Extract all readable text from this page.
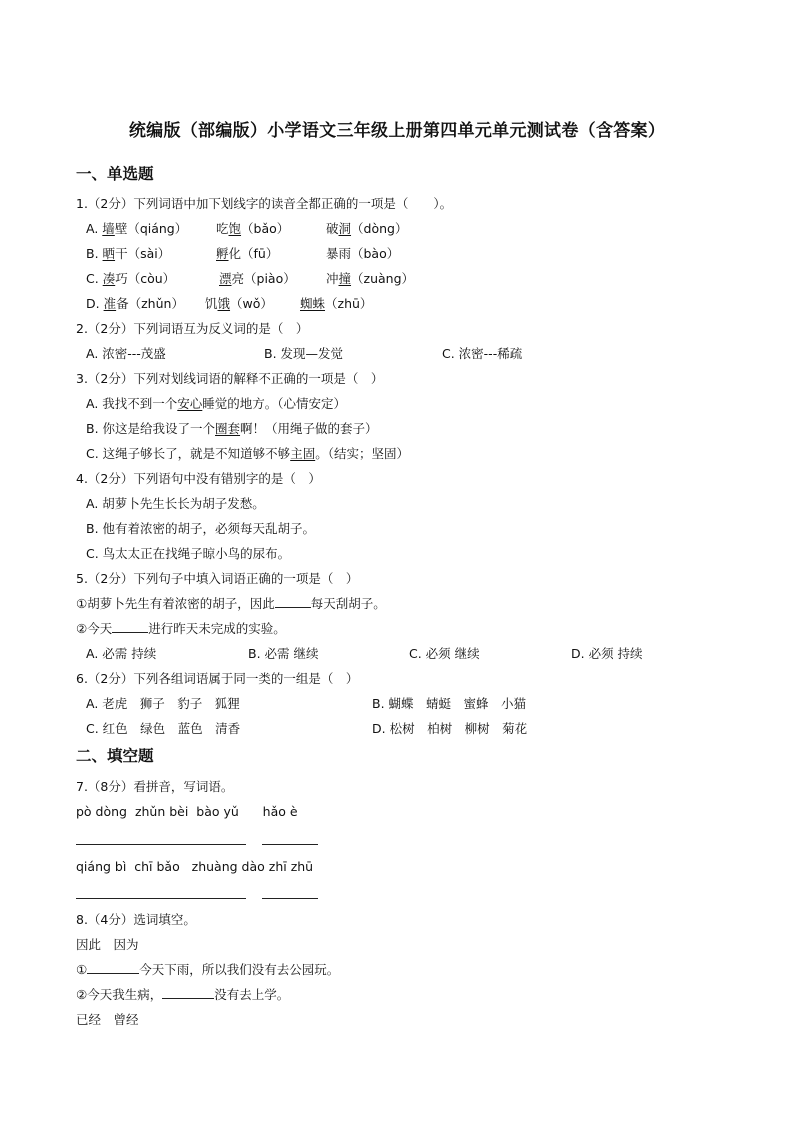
统编版（部编版）小学语文三年级上册第四单元单元测试卷（含答案）
一、单选题
1.（2分）下列词语中加下划线字的读音全都正确的一项是（　　）。
A. 墙壁（qiáng） 吃饱（bǎo）	破洞（dòng）
B. 晒干（sài）	孵化（fū）	暴雨（bào）
C. 凑巧（còu）	漂亮（piào） 冲撞（zuàng）
D. 准备（zhǔn） 饥饿（wǒ） 蜘蛛（zhū）
2.（2分）下列词语互为反义词的是（　）
A. 浓密---茂盛	B. 发现—发觉	C. 浓密---稀疏
3.（2分）下列对划线词语的解释不正确的一项是（　）
A. 我找不到一个安心睡觉的地方。（心情安定）
B. 你这是给我设了一个圈套啊！（用绳子做的套子）
C. 这绳子够长了，就是不知道够不够主固。（结实；坚固）
4.（2分）下列语句中没有错别字的是（　）
A. 胡萝卜先生长长为胡子发愁。
B. 他有着浓密的胡子，必须每天乱胡子。
C. 鸟太太正在找绳子晾小鸟的尿布。
5.（2分）下列句子中填入词语正确的一项是（　）
①胡萝卜先生有着浓密的胡子，因此	每天刮胡子。
②今天	进行昨天未完成的实验。
A. 必需 持续	B. 必需 继续	C. 必须 继续	D. 必须 持续
6.（2分）下列各组词语属于同一类的一组是（　）
A. 老虎　狮子　豹子　狐狸	B. 蝴蝶　蜻蜓　蜜蜂　小猫
C. 红色　绿色　蓝色　清香	D. 松树　柏树　柳树　菊花
二、填空题
7.（8分）看拼音，写词语。
pò dòng  zhǔn bèi  bào yǔ      hǎo è
qiáng bì  chī bǎo   zhuàng dào zhī zhū
8.（4分）选词填空。
因此　因为
①	今天下雨，所以我们没有去公园玩。
②今天我生病，	没有去上学。
已经　曾经
